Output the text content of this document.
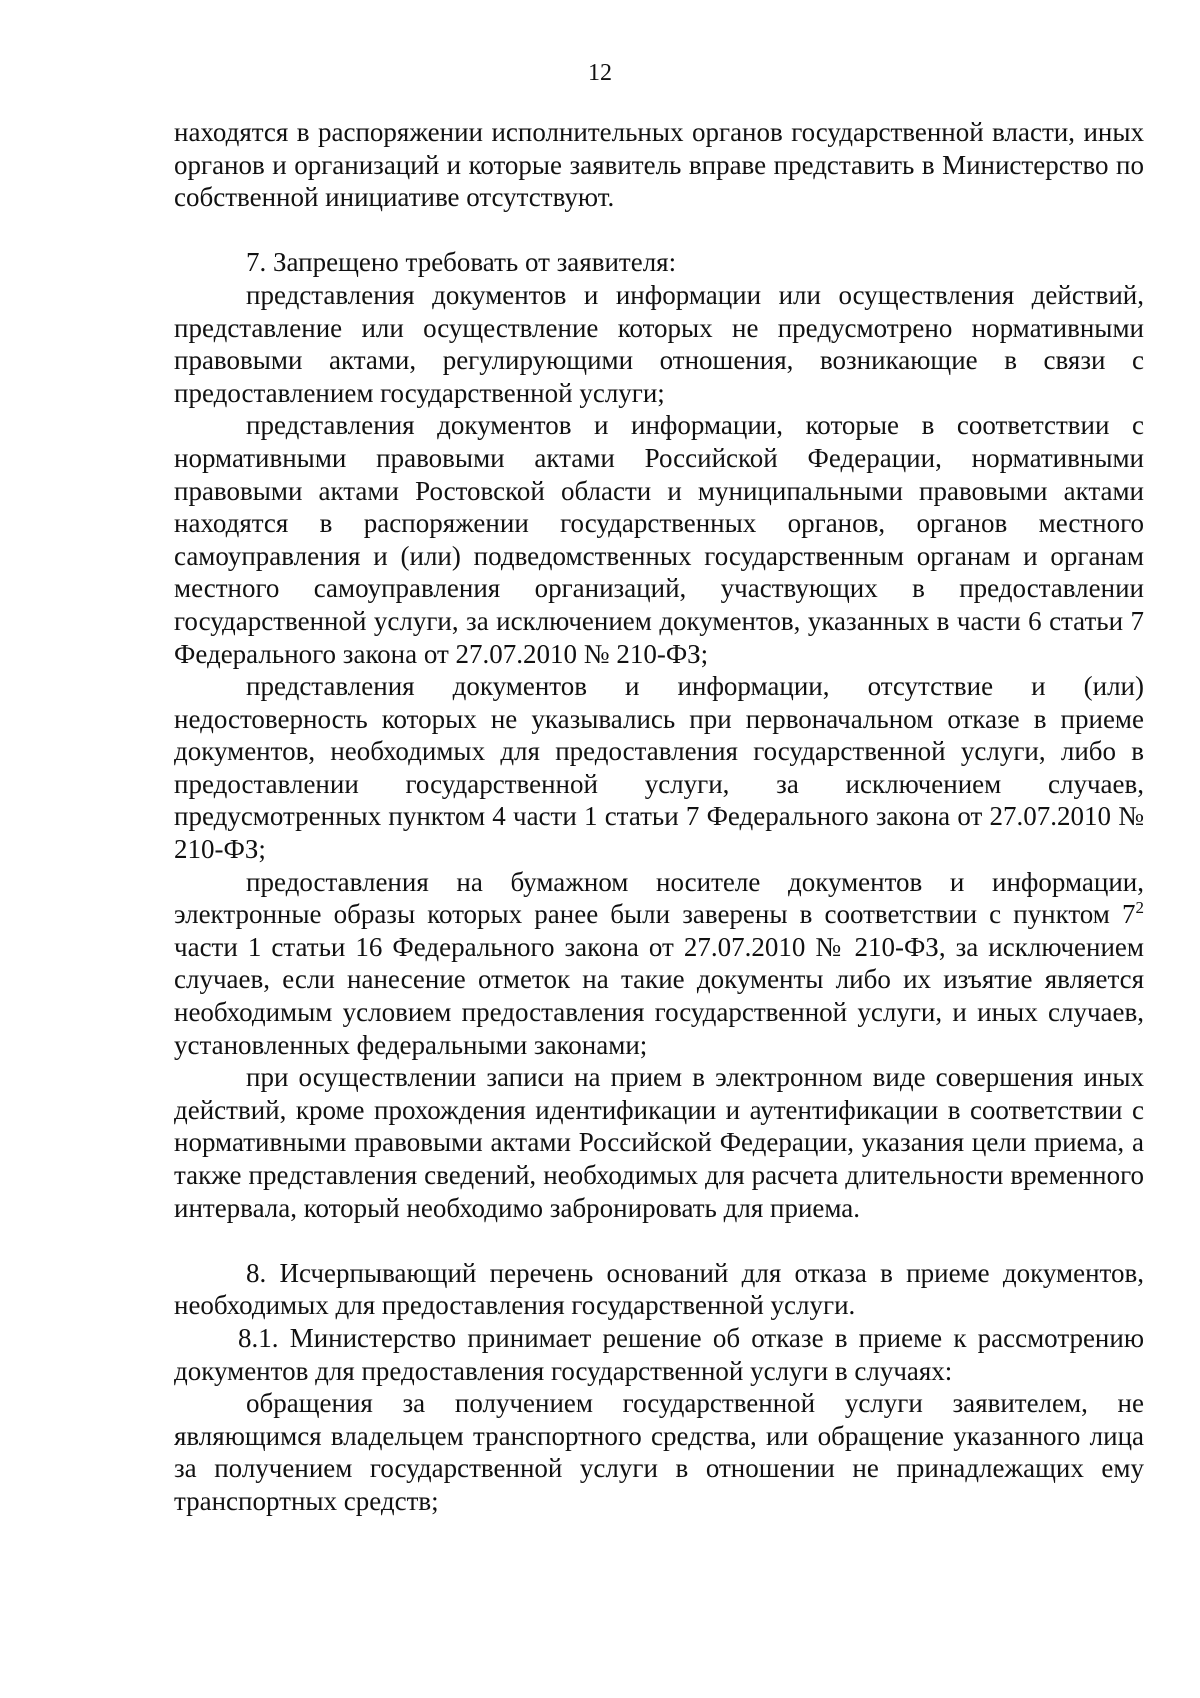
12

находятся в распоряжении исполнительных органов государственной власти, иных органов и организаций и которые заявитель вправе представить в Министерство по собственной инициативе отсутствуют.

7. Запрещено требовать от заявителя:

представления документов и информации или осуществления действий, представление или осуществление которых не предусмотрено нормативными правовыми актами, регулирующими отношения, возникающие в связи с предоставлением государственной услуги;

представления документов и информации, которые в соответствии с нормативными правовыми актами Российской Федерации, нормативными правовыми актами Ростовской области и муниципальными правовыми актами находятся в распоряжении государственных органов, органов местного самоуправления и (или) подведомственных государственным органам и органам местного самоуправления организаций, участвующих в предоставлении государственной услуги, за исключением документов, указанных в части 6 статьи 7 Федерального закона от 27.07.2010 № 210-ФЗ;

представления документов и информации, отсутствие и (или) недостоверность которых не указывались при первоначальном отказе в приеме документов, необходимых для предоставления государственной услуги, либо в предоставлении государственной услуги, за исключением случаев, предусмотренных пунктом 4 части 1 статьи 7 Федерального закона от 27.07.2010 № 210-ФЗ;

предоставления на бумажном носителе документов и информации, электронные образы которых ранее были заверены в соответствии с пунктом $7^2$ части 1 статьи 16 Федерального закона от 27.07.2010 № 210-ФЗ, за исключением случаев, если нанесение отметок на такие документы либо их изъятие является необходимым условием предоставления государственной услуги, и иных случаев, установленных федеральными законами;

при осуществлении записи на прием в электронном виде совершения иных действий, кроме прохождения идентификации и аутентификации в соответствии с нормативными правовыми актами Российской Федерации, указания цели приема, а также представления сведений, необходимых для расчета длительности временного интервала, который необходимо забронировать для приема.

8. Исчерпывающий перечень оснований для отказа в приеме документов, необходимых для предоставления государственной услуги.

8.1. Министерство принимает решение об отказе в приеме к рассмотрению документов для предоставления государственной услуги в случаях:

обращения за получением государственной услуги заявителем, не являющимся владельцем транспортного средства, или обращение указанного лица за получением государственной услуги в отношении не принадлежащих ему транспортных средств;
